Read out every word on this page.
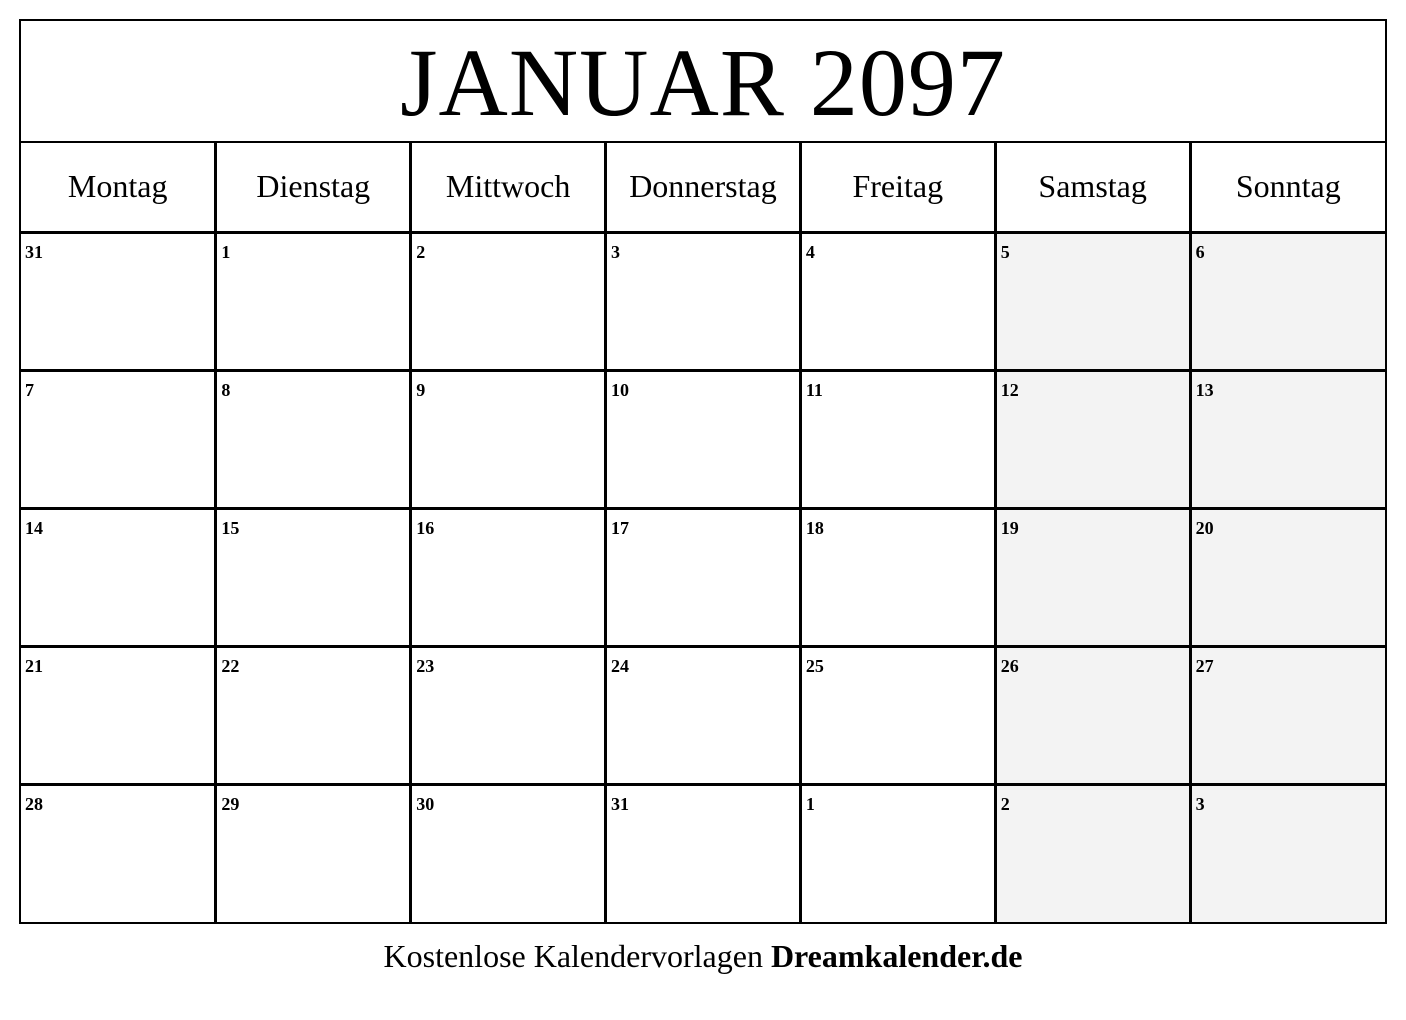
JANUAR 2097
Montag	Dienstag	Mittwoch	Donnerstag	Freitag	Samstag	Sonntag

31	1	2	3	4	5	6

7	8	9	10	11	12	13

14	15	16	17	18	19	20

21	22	23	24	25	26	27

28	29	30	31	1	2	3
Kostenlose Kalendervorlagen Dreamkalender.de
